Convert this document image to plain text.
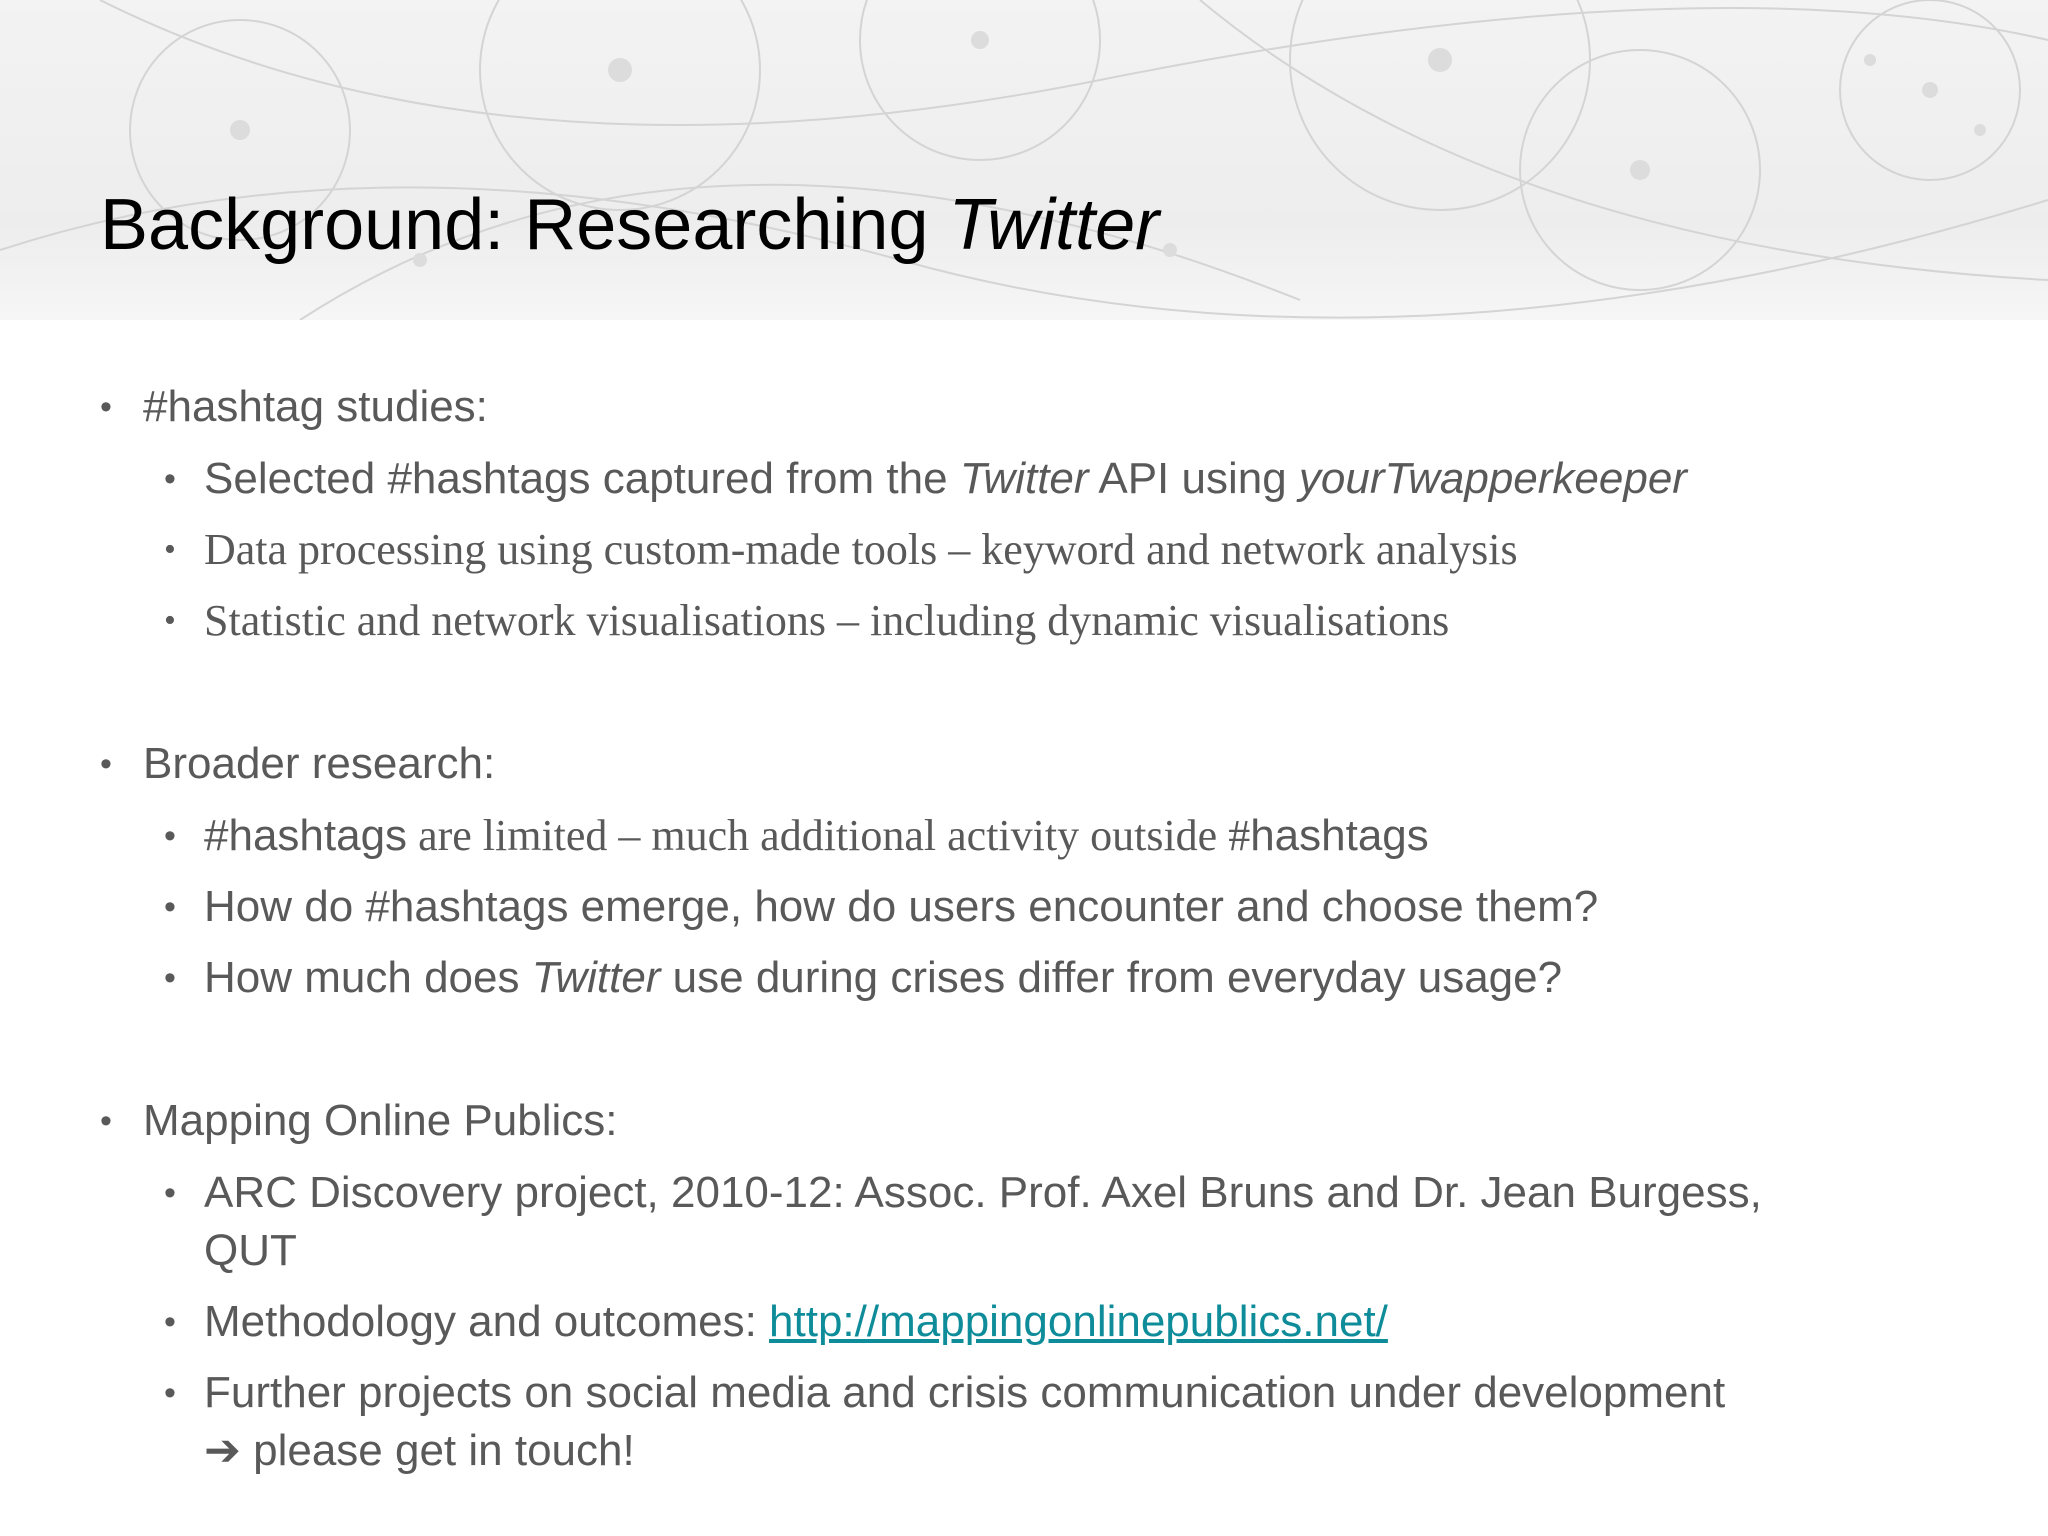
Background: Researching Twitter
• #hashtag studies:
• Selected #hashtags captured from the Twitter API using yourTwapperkeeper
• Data processing using custom-made tools – keyword and network analysis
• Statistic and network visualisations – including dynamic visualisations
• Broader research:
• #hashtags are limited – much additional activity outside #hashtags
• How do #hashtags emerge, how do users encounter and choose them?
• How much does Twitter use during crises differ from everyday usage?
• Mapping Online Publics:
• ARC Discovery project, 2010-12: Assoc. Prof. Axel Bruns and Dr. Jean Burgess,
QUT
• Methodology and outcomes: http://mappingonlinepublics.net/
• Further projects on social media and crisis communication under development
➔ please get in touch!
